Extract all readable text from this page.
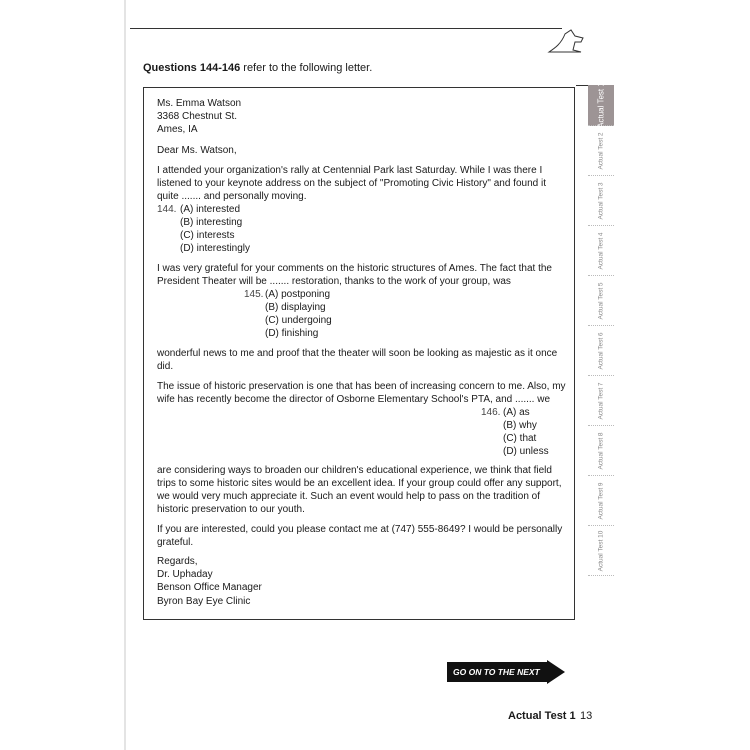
Questions 144-146 refer to the following letter.
Ms. Emma Watson
3368 Chestnut St.
Ames, IA
Dear Ms. Watson,
I attended your organization's rally at Centennial Park last Saturday. While I was there I
listened to your keynote address on the subject of "Promoting Civic History" and found it
quite ....... and personally moving.
144. (A) interested
(B) interesting
(C) interests
(D) interestingly
I was very grateful for your comments on the historic structures of Ames. The fact that the
President Theater will be ....... restoration, thanks to the work of your group, was
145. (A) postponing
(B) displaying
(C) undergoing
(D) finishing
wonderful news to me and proof that the theater will soon be looking as majestic as it once
did.
The issue of historic preservation is one that has been of increasing concern to me. Also, my
wife has recently become the director of Osborne Elementary School's PTA, and ....... we
146. (A) as
(B) why
(C) that
(D) unless
are considering ways to broaden our children's educational experience, we think that field
trips to some historic sites would be an excellent idea. If your group could offer any support,
we would very much appreciate it. Such an event would help to pass on the tradition of
historic preservation to our youth.
If you are interested, could you please contact me at (747) 555-8649? I would be personally
grateful.
Regards,
Dr. Uphaday
Benson Office Manager
Byron Bay Eye Clinic
Actual Test 1
Actual Test 2
Actual Test 3
Actual Test 4
Actual Test 5
Actual Test 6
Actual Test 7
Actual Test 8
Actual Test 9
Actual Test 10
GO ON TO THE NEXT PAGE
Actual Test 1 13
